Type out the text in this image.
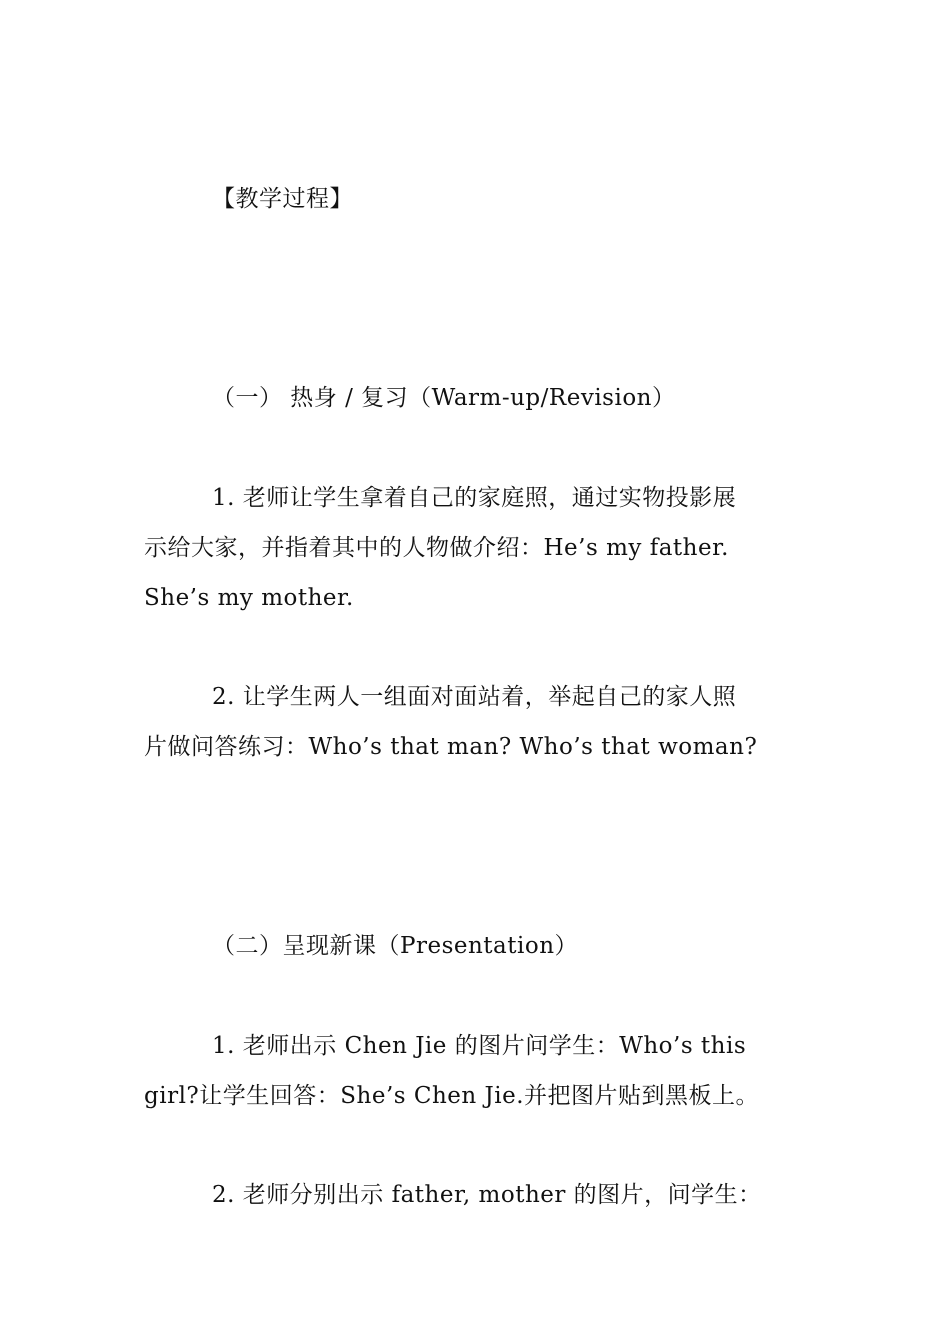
【教学过程】
（一） 热身 / 复习（Warm-up/Revision）
1. 老师让学生拿着自己的家庭照，通过实物投影展
示给大家，并指着其中的人物做介绍：He’s my father.
She’s my mother.
2. 让学生两人一组面对面站着，举起自己的家人照
片做问答练习：Who’s that man? Who’s that woman?
（二）呈现新课（Presentation）
1. 老师出示 Chen Jie 的图片问学生：Who’s this
girl?让学生回答：She’s Chen Jie.并把图片贴到黑板上。
2. 老师分别出示 father, mother 的图片，问学生：
